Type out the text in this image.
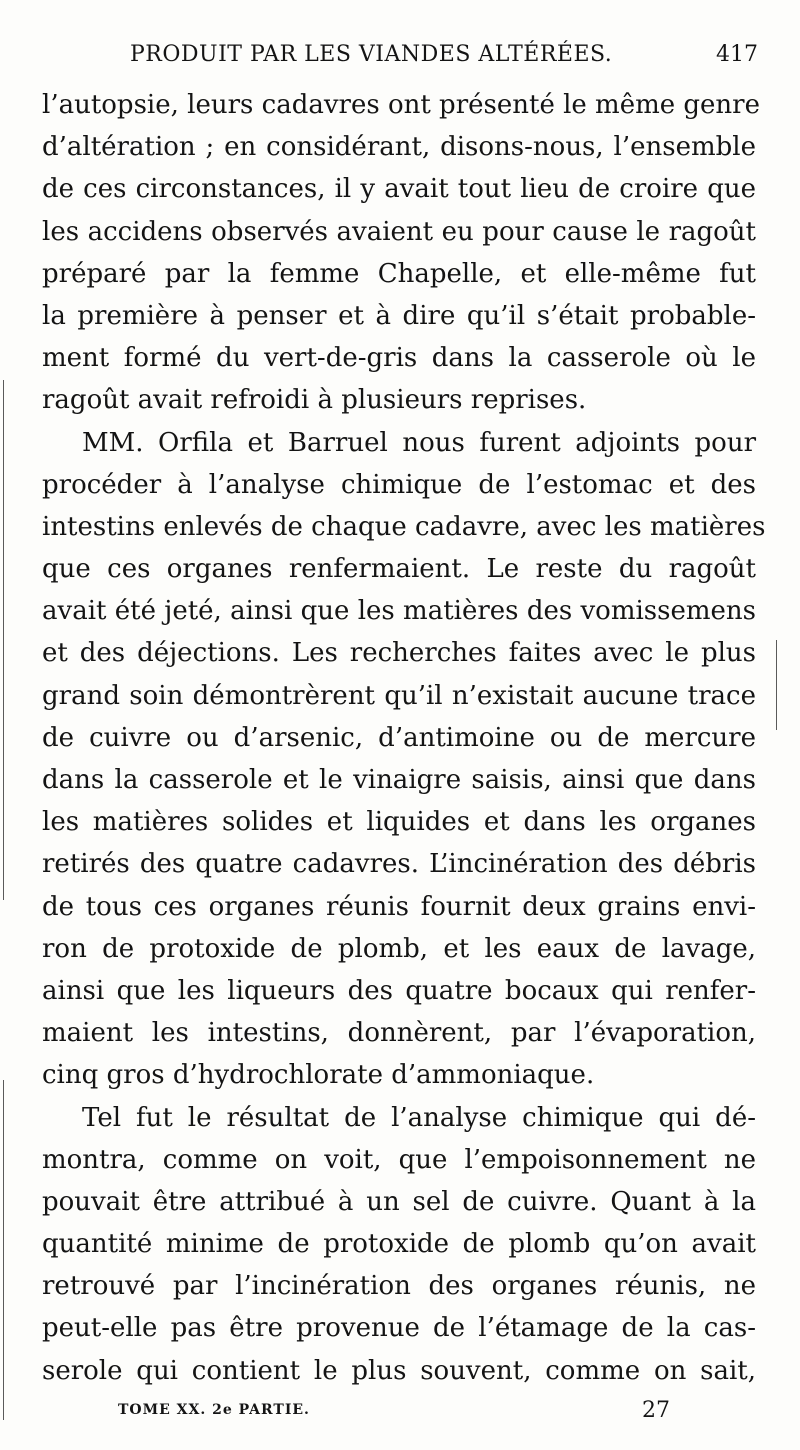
PRODUIT PAR LES VIANDES ALTÉRÉES.	417
l’autopsie, leurs cadavres ont présenté le même genre
d’altération ; en considérant, disons-nous, l’ensemble
de ces circonstances, il y avait tout lieu de croire que
les accidens observés avaient eu pour cause le ragoût
préparé par la femme Chapelle, et elle-même fut
la première à penser et à dire qu’il s’était probable-
ment formé du vert-de-gris dans la casserole où le
ragoût avait refroidi à plusieurs reprises.
MM. Orfila et Barruel nous furent adjoints pour
procéder à l’analyse chimique de l’estomac et des
intestins enlevés de chaque cadavre, avec les matières
que ces organes renfermaient. Le reste du ragoût
avait été jeté, ainsi que les matières des vomissemens
et des déjections. Les recherches faites avec le plus
grand soin démontrèrent qu’il n’existait aucune trace
de cuivre ou d’arsenic, d’antimoine ou de mercure
dans la casserole et le vinaigre saisis, ainsi que dans
les matières solides et liquides et dans les organes
retirés des quatre cadavres. L’incinération des débris
de tous ces organes réunis fournit deux grains envi-
ron de protoxide de plomb, et les eaux de lavage,
ainsi que les liqueurs des quatre bocaux qui renfer-
maient les intestins, donnèrent, par l’évaporation,
cinq gros d’hydrochlorate d’ammoniaque.
Tel fut le résultat de l’analyse chimique qui dé-
montra, comme on voit, que l’empoisonnement ne
pouvait être attribué à un sel de cuivre. Quant à la
quantité minime de protoxide de plomb qu’on avait
retrouvé par l’incinération des organes réunis, ne
peut-elle pas être provenue de l’étamage de la cas-
serole qui contient le plus souvent, comme on sait,
TOME XX. 2e PARTIE.	27
